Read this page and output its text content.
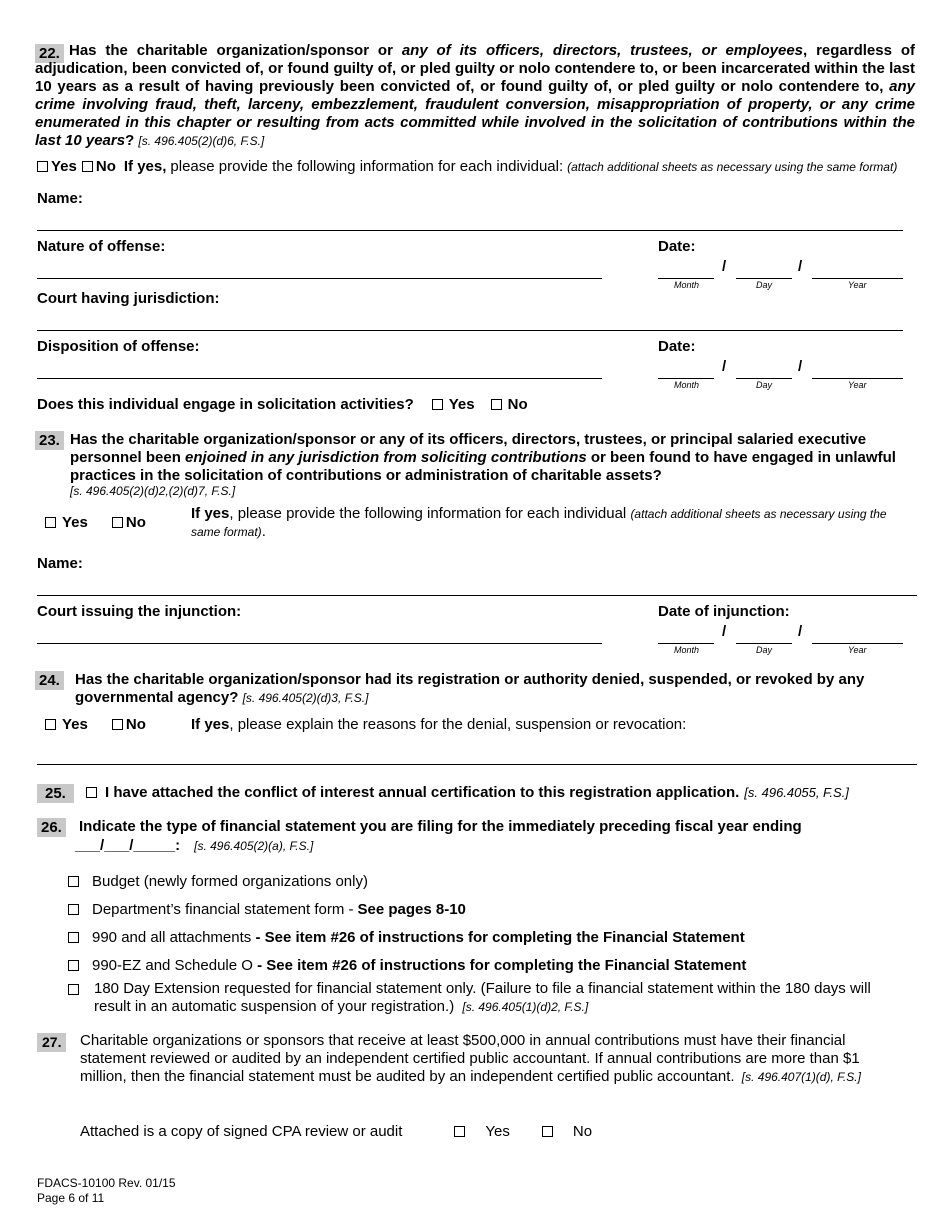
22. Has the charitable organization/sponsor or any of its officers, directors, trustees, or employees, regardless of adjudication, been convicted of, or found guilty of, or pled guilty or nolo contendere to, or been incarcerated within the last 10 years as a result of having previously been convicted of, or found guilty of, or pled guilty or nolo contendere to, any crime involving fraud, theft, larceny, embezzlement, fraudulent conversion, misappropriation of property, or any crime enumerated in this chapter or resulting from acts committed while involved in the solicitation of contributions within the last 10 years? [s. 496.405(2)(d)6, F.S.]

Yes No If yes, please provide the following information for each individual: (attach additional sheets as necessary using the same format)
Name:
Nature of offense:	Date:
/	/
Month	Day	Year
Court having jurisdiction:
Disposition of offense:	Date:
/	/
Month	Day	Year
Does this individual engage in solicitation activities? Yes No
23. Has the charitable organization/sponsor or any of its officers, directors, trustees, or principal salaried executive personnel been enjoined in any jurisdiction from soliciting contributions or been found to have engaged in unlawful practices in the solicitation of contributions or administration of charitable assets?
[s. 496.405(2)(d)2,(2)(d)7, F.S.]
Yes	No
If yes, please provide the following information for each individual (attach additional sheets as necessary using the same format).
Name:
Court issuing the injunction:	Date of injunction:
/	/
Month	Day	Year
24. Has the charitable organization/sponsor had its registration or authority denied, suspended, or revoked by any governmental agency? [s. 496.405(2)(d)3, F.S.]
Yes	No	If yes, please explain the reasons for the denial, suspension or revocation:
25.	I have attached the conflict of interest annual certification to this registration application. [s. 496.4055, F.S.]
26. Indicate the type of financial statement you are filing for the immediately preceding fiscal year ending
___/___/_____: [s. 496.405(2)(a), F.S.]
Budget (newly formed organizations only)
Department’s financial statement form - See pages 8-10
990 and all attachments - See item #26 of instructions for completing the Financial Statement
990-EZ and Schedule O - See item #26 of instructions for completing the Financial Statement
180 Day Extension requested for financial statement only. (Failure to file a financial statement within the 180 days will result in an automatic suspension of your registration.) [s. 496.405(1)(d)2, F.S.]
27.	Charitable organizations or sponsors that receive at least $500,000 in annual contributions must have their financial statement reviewed or audited by an independent certified public accountant. If annual contributions are more than $1 million, then the financial statement must be audited by an independent certified public accountant. [s. 496.407(1)(d), F.S.]
Attached is a copy of signed CPA review or audit	Yes	No
FDACS-10100 Rev. 01/15
Page 6 of 11
